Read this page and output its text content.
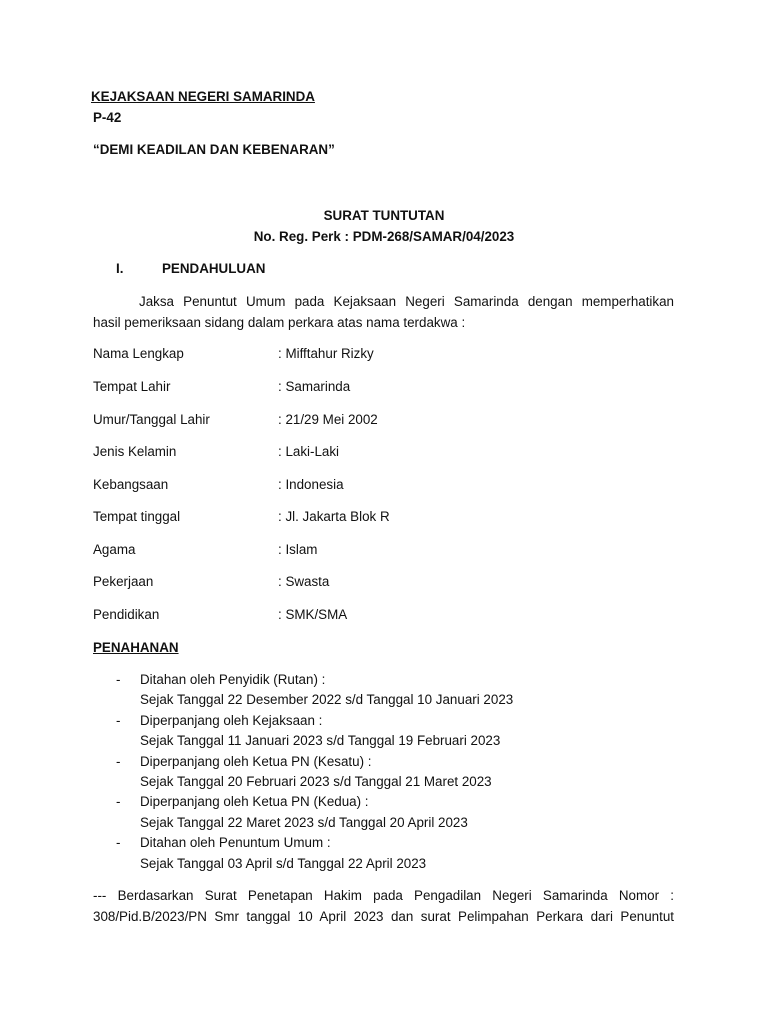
KEJAKSAAN NEGERI SAMARINDA
P-42
“DEMI KEADILAN DAN KEBENARAN”
SURAT TUNTUTAN
No. Reg. Perk : PDM-268/SAMAR/04/2023
I.	PENDAHULUAN
Jaksa Penuntut Umum pada Kejaksaan Negeri Samarinda dengan memperhatikan
hasil pemeriksaan sidang dalam perkara atas nama terdakwa :
Nama Lengkap	: Mifftahur Rizky
Tempat Lahir	: Samarinda
Umur/Tanggal Lahir	: 21/29 Mei 2002
Jenis Kelamin	: Laki-Laki
Kebangsaan	: Indonesia
Tempat tinggal	: Jl. Jakarta Blok R
Agama	: Islam
Pekerjaan	: Swasta
Pendidikan	: SMK/SMA
PENAHANAN
- Ditahan oleh Penyidik (Rutan) :
Sejak Tanggal 22 Desember 2022 s/d Tanggal 10 Januari 2023
- Diperpanjang oleh Kejaksaan :
Sejak Tanggal 11 Januari 2023 s/d Tanggal 19 Februari 2023
- Diperpanjang oleh Ketua PN (Kesatu) :
Sejak Tanggal 20 Februari 2023 s/d Tanggal 21 Maret 2023
- Diperpanjang oleh Ketua PN (Kedua) :
Sejak Tanggal 22 Maret 2023 s/d Tanggal 20 April 2023
- Ditahan oleh Penuntum Umum :
Sejak Tanggal 03 April s/d Tanggal 22 April 2023
--- Berdasarkan Surat Penetapan Hakim pada Pengadilan Negeri Samarinda Nomor :
308/Pid.B/2023/PN Smr tanggal 10 April 2023 dan surat Pelimpahan Perkara dari Penuntut
